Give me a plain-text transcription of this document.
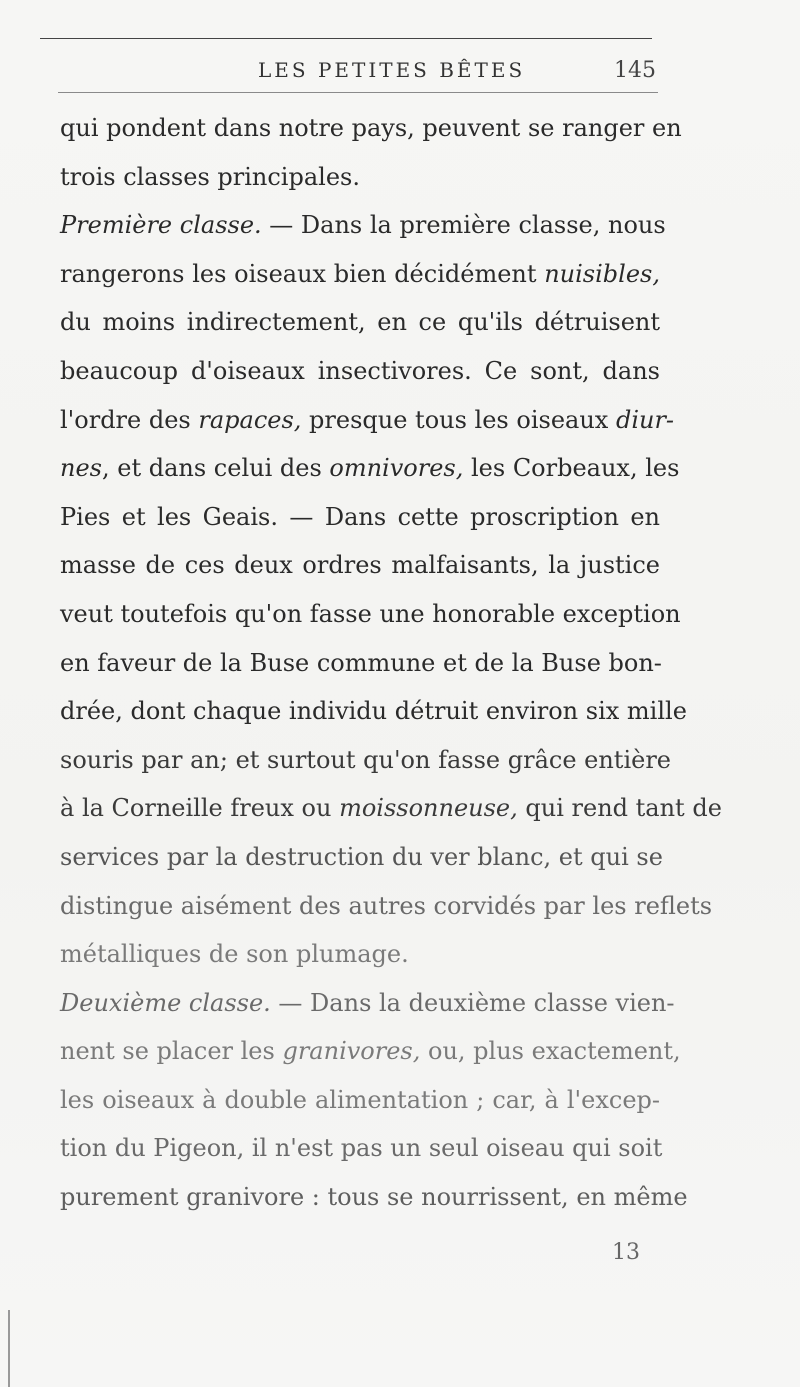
LES PETITES BÊTES	145
qui pondent dans notre pays, peuvent se ranger en
trois classes principales.
Première classe. — Dans la première classe, nous
rangerons les oiseaux bien décidément nuisibles,
du moins indirectement, en ce qu'ils détruisent
beaucoup d'oiseaux insectivores. Ce sont, dans
l'ordre des rapaces, presque tous les oiseaux diur-
nes, et dans celui des omnivores, les Corbeaux, les
Pies et les Geais. — Dans cette proscription en
masse de ces deux ordres malfaisants, la justice
veut toutefois qu'on fasse une honorable exception
en faveur de la Buse commune et de la Buse bon-
drée, dont chaque individu détruit environ six mille
souris par an; et surtout qu'on fasse grâce entière
à la Corneille freux ou moissonneuse, qui rend tant de
services par la destruction du ver blanc, et qui se
distingue aisément des autres corvidés par les reflets
métalliques de son plumage.
Deuxième classe. — Dans la deuxième classe vien-
nent se placer les granivores, ou, plus exactement,
les oiseaux à double alimentation ; car, à l'excep-
tion du Pigeon, il n'est pas un seul oiseau qui soit
purement granivore : tous se nourrissent, en même
13
